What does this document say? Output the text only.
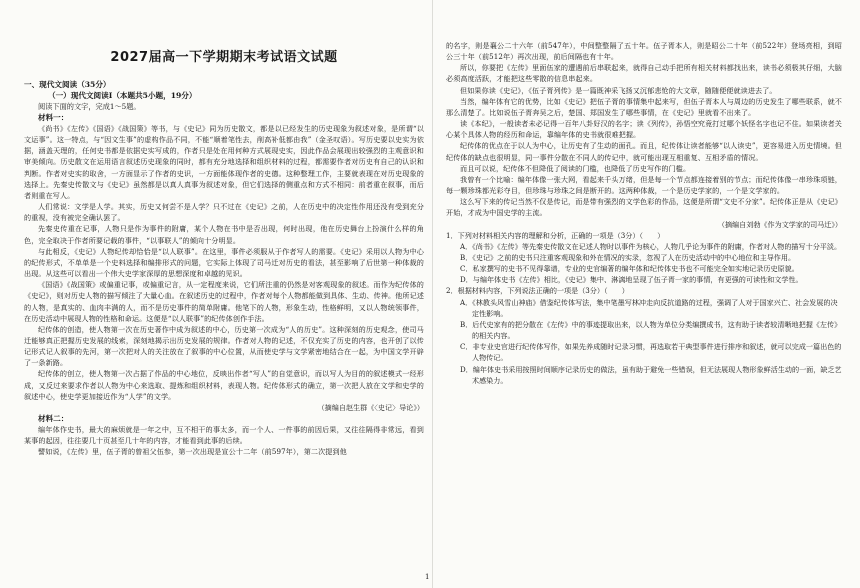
2027届高一下学期期末考试语文试题
一、现代文阅读（35分）
（一）现代文阅读Ⅰ（本题共5小题，19分）
阅读下面的文字，完成1～5题。
材料一：

《尚书》《左传》《国语》《战国策》等书，与《史记》同为历史散文，都是以已经发生的历史现象为叙述对象，是所谓“以文运事”。这一特点，与“因文生事”的虚构作品不同，不能“顺着笔性去，削高补低都由我”（金圣叹语）。写历史要以史实为依据，涵盖天理的，任何史书都是依据史实写成的，作者只是处在用何种方式展现史实，因此作品会展现出较强烈的主观意识和审美倾向。历史散文在运用语言叙述历史现象的同时，都有充分地选择和组织材料的过程，都需要作者对历史有自己的认识和判断。作者对史实的取舍，一方面显示了作者的史识，一方面能体现作者的史德。这种整理工作，主要就表现在对历史现象的选择上。先秦史传散文与《史记》虽然都是以真人真事为叙述对象，但它们选择的侧重点和方式不相同：前者重在叙事，而后者则重在写人。

人们常说：文学是人学。其实，历史又何尝不是人学？只不过在《史记》之前，人在历史中的决定性作用还没有受到充分的重视，没有被完全确认罢了。

先秦史传重在记事，人物只是作为事件的附庸，某个人物在书中是否出现，何时出现，他在历史舞台上扮演什么样的角色，完全取决于作者所要记载的事件，“以事联人”的倾向十分明显。

与此相反，《史记》人物纪传却恰恰是“以人联事”。在这里，事件必须服从于作者写人的需要。《史记》采用以人物为中心的纪传形式，不单单是一个史料选择和编排形式的问题，它实际上体现了司马迁对历史的看法，甚至影响了后世第一种体裁的出现。从这些可以看出一个伟大史学家深厚的思想深度和卓越的见识。

《国语》《战国策》或偏重记事，或偏重记言，从一定程度来说，它们所注重的仍然是对客观现象的叙述。而作为纪传体的《史记》，则对历史人物的描写倾注了大量心血。在叙述历史的过程中，作者对每个人物都能做到具体、生动、传神。他所记述的人物，是真实的、血肉丰满的人，而不是历史事件的简单附庸。他笔下的人物，形象生动，性格鲜明，又以人物统领事件，在历史活动中展现人物的性格和命运。这便是“以人联事”的纪传体创作手法。

纪传体的创造，使人物第一次在历史著作中成为叙述的中心，历史第一次成为“人的历史”。这种深刻的历史观念，使司马迁能够真正把握历史发展的线索，深刻地揭示出历史发展的规律。作者对人物的记述，不仅充实了历史的内容，也开创了以传记形式记人叙事的先河，第一次把对人的关注放在了叙事的中心位置，从而使史学与文学紧密地结合在一起，为中国文学开辟了一条新路。

纪传体的创立，使人物第一次占据了作品的中心地位，反映出作者“写人”的自觉意识，而以写人为目的的叙述模式一经形成，又反过来要求作者以人物为中心来选取、提炼和组织材料，表现人物。纪传体形式的确立，第一次把人放在文学和史学的叙述中心，使史学更加接近作为“人学”的文学。

（摘编自赵生群《〈史记〉导论》）

材料二：

编年体作史书，最大的麻烦就是一年之中，互不相干的事太多，而一个人、一件事的前因后果，又往往隔得非常远，看到某事的起因，往往要几十页甚至几十年的内容，才能看到此事的后续。

譬如说，《左传》里，伍子胥的曾祖父伍参，第一次出现是宣公十二年（前597年），第二次提到他

的名字，则是襄公二十六年（前547年），中间整整隔了五十年。伍子胥本人，则是昭公二十年（前522年）登场亮相，到昭公三十年（前512年）再次出现，前后间隔也有十年。

所以，你要把《左传》里面伍家的遭遇前后串联起来，就得自己动手把所有相关材料都找出来，读书必须极其仔细，大脑必须高度活跃，才能把这些零散的信息串起来。

但如果你读《史记》，《伍子胥列传》是一篇既神采飞扬又沉郁悲怆的大文章，随随便便就读进去了。

当然，编年体有它的优势，比如《史记》把伍子胥的事情集中起来写，但伍子胥本人与周边的历史发生了哪些联系，就不那么清楚了。比如说伍子胥奔吴之后，楚国、郑国发生了哪些事情，在《史记》里就看不出来了。

读《本纪》，一般读者未必记得一百年八卦好汉的名字；读《列传》，孙悟空究竟打过哪个妖怪名字也记不住。如果读者关心某个具体人物的经历和命运，靠编年体的史书就很难把握。

纪传体的优点在于以人为中心，让历史有了生动的面孔。而且，纪传体让读者能够“以人读史”，更容易进入历史情境。但纪传体的缺点也很明显，同一事件分散在不同人的传记中，就可能出现互相重复、互相矛盾的情况。

而且可以说，纪传体不但降低了阅读的门槛，也降低了历史写作的门槛。

我曾有一个比喻：编年体像一张大网，看起来千头万绪，但是每一个节点都连接着别的节点；而纪传体像一串珍珠项链，每一颗珍珠都光彩夺目，但珍珠与珍珠之间是断开的。这两种体裁，一个是历史学家的，一个是文学家的。

这么写下来的传记当然不仅是传记，而是带有强烈的文学色彩的作品，这便是所谓“文史不分家”。纪传体正是从《史记》开始，才成为中国史学的主流。

（摘编自刘勃《作为文学家的司马迁》）

1．下列对材料相关内容的理解和分析，正确的一项是（3分）（　　）

A．《尚书》《左传》等先秦史传散文在记述人物时以事件为核心，人物几乎论为事件的附庸，作者对人物的描写十分平淡。

B．《史记》之前的史书只注重客观现象和外在情况的实录，忽视了人在历史活动中的中心地位和主导作用。

C．私家撰写的史书不见得靠谱，专业的史官编著的编年体和纪传体史书也不可能完全如实地记录历史原貌。

D．与编年体史书《左传》相比，《史记》集中、淋漓地呈现了伍子胥一家的事情，有更强的可读性和文学性。

2．根据材料内容，下列说法正确的一项是（3分）（　　）

A．《林教头风雪山神庙》借鉴纪传体写法，集中笔墨写林冲走向反抗道路的过程，强调了人对于国家兴亡、社会发展的决定性影响。

B．后代史家有的把分散在《左传》中的事迹提取出来，以人物为单位分类编撰成书，这有助于读者较清晰地把握《左传》的相关内容。

C．非专业史官进行纪传体写作，如果先养成随时记录习惯，再选取若干典型事件进行排序和叙述，就可以完成一篇出色的人物传记。

D．编年体史书采用按照时间顺序记录历史的做法，虽有助于避免一些错误，但无法展现人物形象鲜活生动的一面，缺乏艺术感染力。

1
